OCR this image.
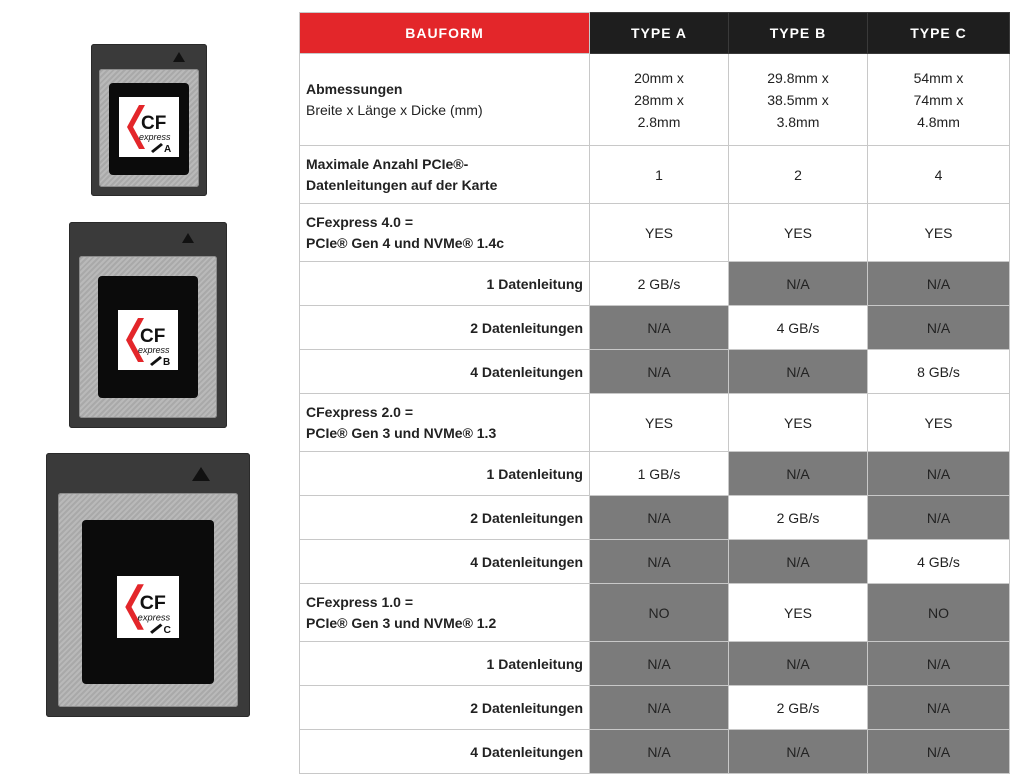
CF
express
A
CF
express
B
CF
express
C
BAUFORM	TYPE A	TYPE B	TYPE C

Abmessungen
Breite x Länge x Dicke (mm)	20mm x
28mm x
2.8mm	29.8mm x
38.5mm x
3.8mm	54mm x
74mm x
4.8mm

Maximale Anzahl PCIe®-
Datenleitungen auf der Karte	1	2	4

CFexpress 4.0 =
PCIe® Gen 4 und NVMe® 1.4c	YES	YES	YES
1 Datenleitung	2 GB/s	N/A	N/A
2 Datenleitungen	N/A	4 GB/s	N/A
4 Datenleitungen	N/A	N/A	8 GB/s

CFexpress 2.0 =
PCIe® Gen 3 und NVMe® 1.3	YES	YES	YES
1 Datenleitung	1 GB/s	N/A	N/A
2 Datenleitungen	N/A	2 GB/s	N/A
4 Datenleitungen	N/A	N/A	4 GB/s

CFexpress 1.0 =
PCIe® Gen 3 und NVMe® 1.2	NO	YES	NO
1 Datenleitung	N/A	N/A	N/A
2 Datenleitungen	N/A	2 GB/s	N/A
4 Datenleitungen	N/A	N/A	N/A
